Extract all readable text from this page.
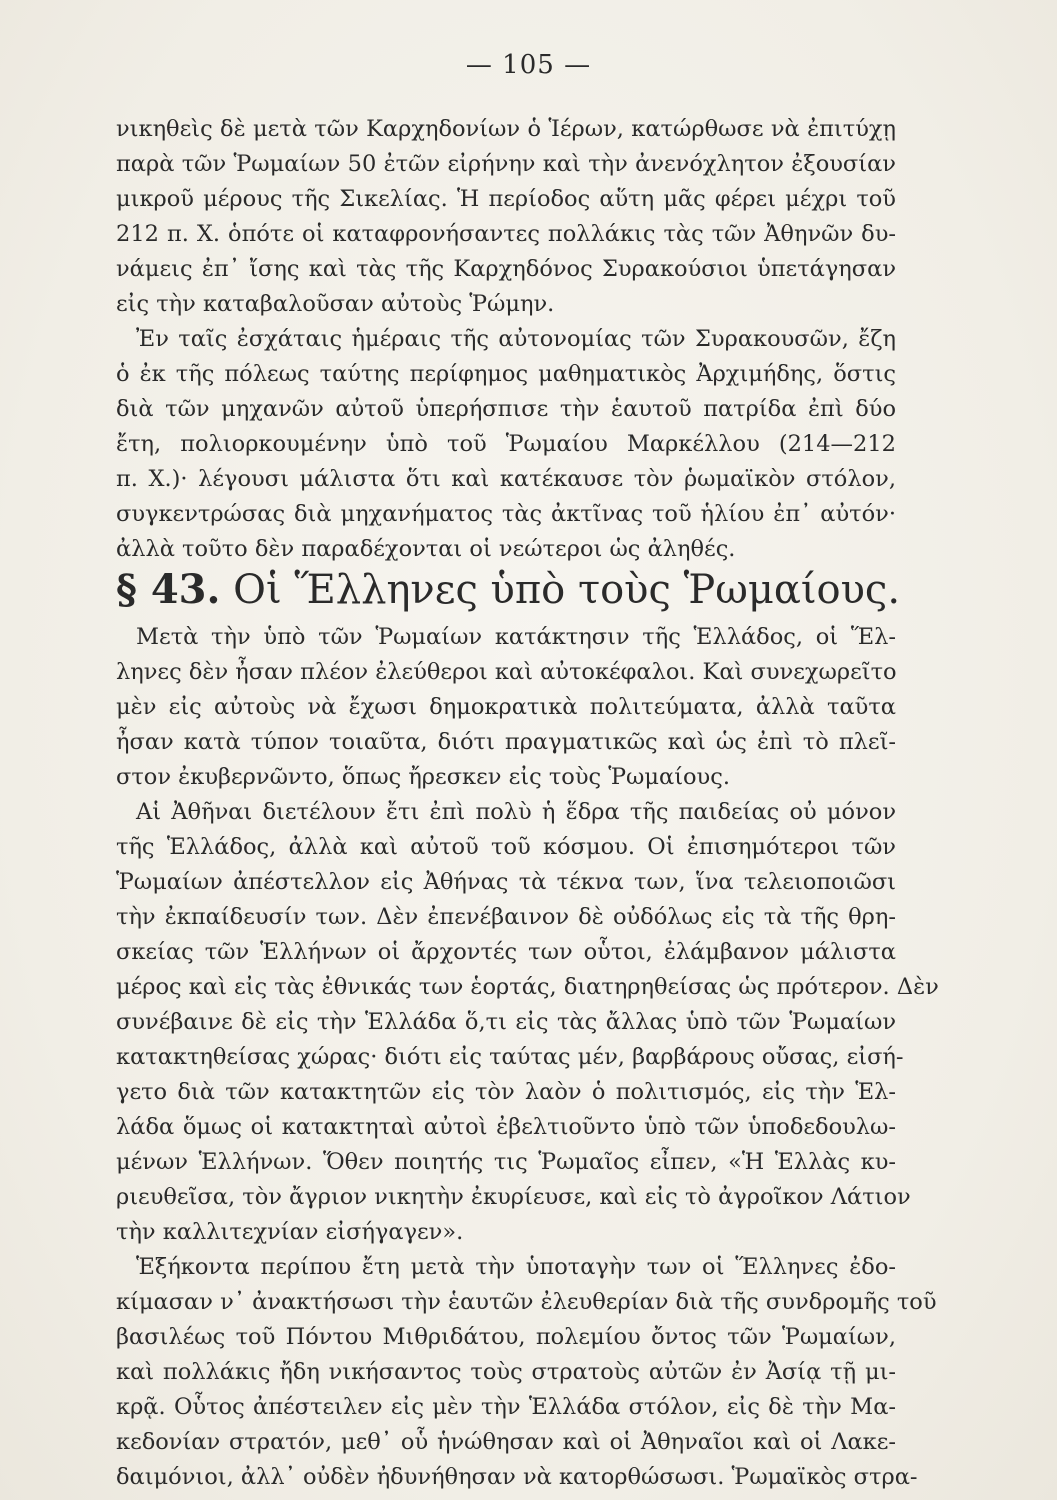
— 105 —
νικηθεὶς δὲ μετὰ τῶν Καρχηδονίων ὁ Ἱέρων, κατώρθωσε νὰ ἐπιτύχῃ
παρὰ τῶν Ῥωμαίων 50 ἐτῶν εἰρήνην καὶ τὴν ἀνενόχλητον ἐξουσίαν
μικροῦ μέρους τῆς Σικελίας. Ἡ περίοδος αὕτη μᾶς φέρει μέχρι τοῦ
212 π. Χ. ὁπότε οἱ καταφρονήσαντες πολλάκις τὰς τῶν Ἀθηνῶν δυ-
νάμεις ἐπ᾿ ἴσης καὶ τὰς τῆς Καρχηδόνος Συρακούσιοι ὑπετάγησαν
εἰς τὴν καταβαλοῦσαν αὐτοὺς Ῥώμην.
Ἐν ταῖς ἐσχάταις ἡμέραις τῆς αὐτονομίας τῶν Συρακουσῶν, ἔζη
ὁ ἐκ τῆς πόλεως ταύτης περίφημος μαθηματικὸς Ἀρχιμήδης, ὅστις
διὰ τῶν μηχανῶν αὐτοῦ ὑπερήσπισε τὴν ἑαυτοῦ πατρίδα ἐπὶ δύο
ἔτη, πολιορκουμένην ὑπὸ τοῦ Ῥωμαίου Μαρκέλλου (214—212
π. Χ.)· λέγουσι μάλιστα ὅτι καὶ κατέκαυσε τὸν ῥωμαϊκὸν στόλον,
συγκεντρώσας διὰ μηχανήματος τὰς ἀκτῖνας τοῦ ἡλίου ἐπ᾿ αὐτόν·
ἀλλὰ τοῦτο δὲν παραδέχονται οἱ νεώτεροι ὡς ἀληθές.
§ 43. Οἱ Ἕλληνες ὑπὸ τοὺς Ῥωμαίους.
Μετὰ τὴν ὑπὸ τῶν Ῥωμαίων κατάκτησιν τῆς Ἑλλάδος, οἱ Ἕλ-
ληνες δὲν ἦσαν πλέον ἐλεύθεροι καὶ αὐτοκέφαλοι. Καὶ συνεχωρεῖτο
μὲν εἰς αὐτοὺς νὰ ἔχωσι δημοκρατικὰ πολιτεύματα, ἀλλὰ ταῦτα
ἦσαν κατὰ τύπον τοιαῦτα, διότι πραγματικῶς καὶ ὡς ἐπὶ τὸ πλεῖ-
στον ἐκυβερνῶντο, ὅπως ἤρεσκεν εἰς τοὺς Ῥωμαίους.
Αἱ Ἀθῆναι διετέλουν ἔτι ἐπὶ πολὺ ἡ ἕδρα τῆς παιδείας οὐ μόνον
τῆς Ἑλλάδος, ἀλλὰ καὶ αὐτοῦ τοῦ κόσμου. Οἱ ἐπισημότεροι τῶν
Ῥωμαίων ἀπέστελλον εἰς Ἀθήνας τὰ τέκνα των, ἵνα τελειοποιῶσι
τὴν ἐκπαίδευσίν των. Δὲν ἐπενέβαινον δὲ οὐδόλως εἰς τὰ τῆς θρη-
σκείας τῶν Ἑλλήνων οἱ ἄρχοντές των οὗτοι, ἐλάμβανον μάλιστα
μέρος καὶ εἰς τὰς ἐθνικάς των ἑορτάς, διατηρηθείσας ὡς πρότερον. Δὲν
συνέβαινε δὲ εἰς τὴν Ἑλλάδα ὅ,τι εἰς τὰς ἄλλας ὑπὸ τῶν Ῥωμαίων
κατακτηθείσας χώρας· διότι εἰς ταύτας μέν, βαρβάρους οὔσας, εἰσή-
γετο διὰ τῶν κατακτητῶν εἰς τὸν λαὸν ὁ πολιτισμός, εἰς τὴν Ἑλ-
λάδα ὅμως οἱ κατακτηταὶ αὐτοὶ ἐβελτιοῦντο ὑπὸ τῶν ὑποδεδουλω-
μένων Ἑλλήνων. Ὅθεν ποιητής τις Ῥωμαῖος εἶπεν, «Ἡ Ἑλλὰς κυ-
ριευθεῖσα, τὸν ἄγριον νικητὴν ἐκυρίευσε, καὶ εἰς τὸ ἀγροῖκον Λάτιον
τὴν καλλιτεχνίαν εἰσήγαγεν».
Ἑξήκοντα περίπου ἔτη μετὰ τὴν ὑποταγὴν των οἱ Ἕλληνες ἐδο-
κίμασαν ν᾿ ἀνακτήσωσι τὴν ἑαυτῶν ἐλευθερίαν διὰ τῆς συνδρομῆς τοῦ
βασιλέως τοῦ Πόντου Μιθριδάτου, πολεμίου ὄντος τῶν Ῥωμαίων,
καὶ πολλάκις ἤδη νικήσαντος τοὺς στρατοὺς αὐτῶν ἐν Ἀσίᾳ τῇ μι-
κρᾷ. Οὗτος ἀπέστειλεν εἰς μὲν τὴν Ἑλλάδα στόλον, εἰς δὲ τὴν Μα-
κεδονίαν στρατόν, μεθ᾿ οὗ ἡνώθησαν καὶ οἱ Ἀθηναῖοι καὶ οἱ Λακε-
δαιμόνιοι, ἀλλ᾿ οὐδὲν ἠδυνήθησαν νὰ κατορθώσωσι. Ῥωμαϊκὸς στρα-
